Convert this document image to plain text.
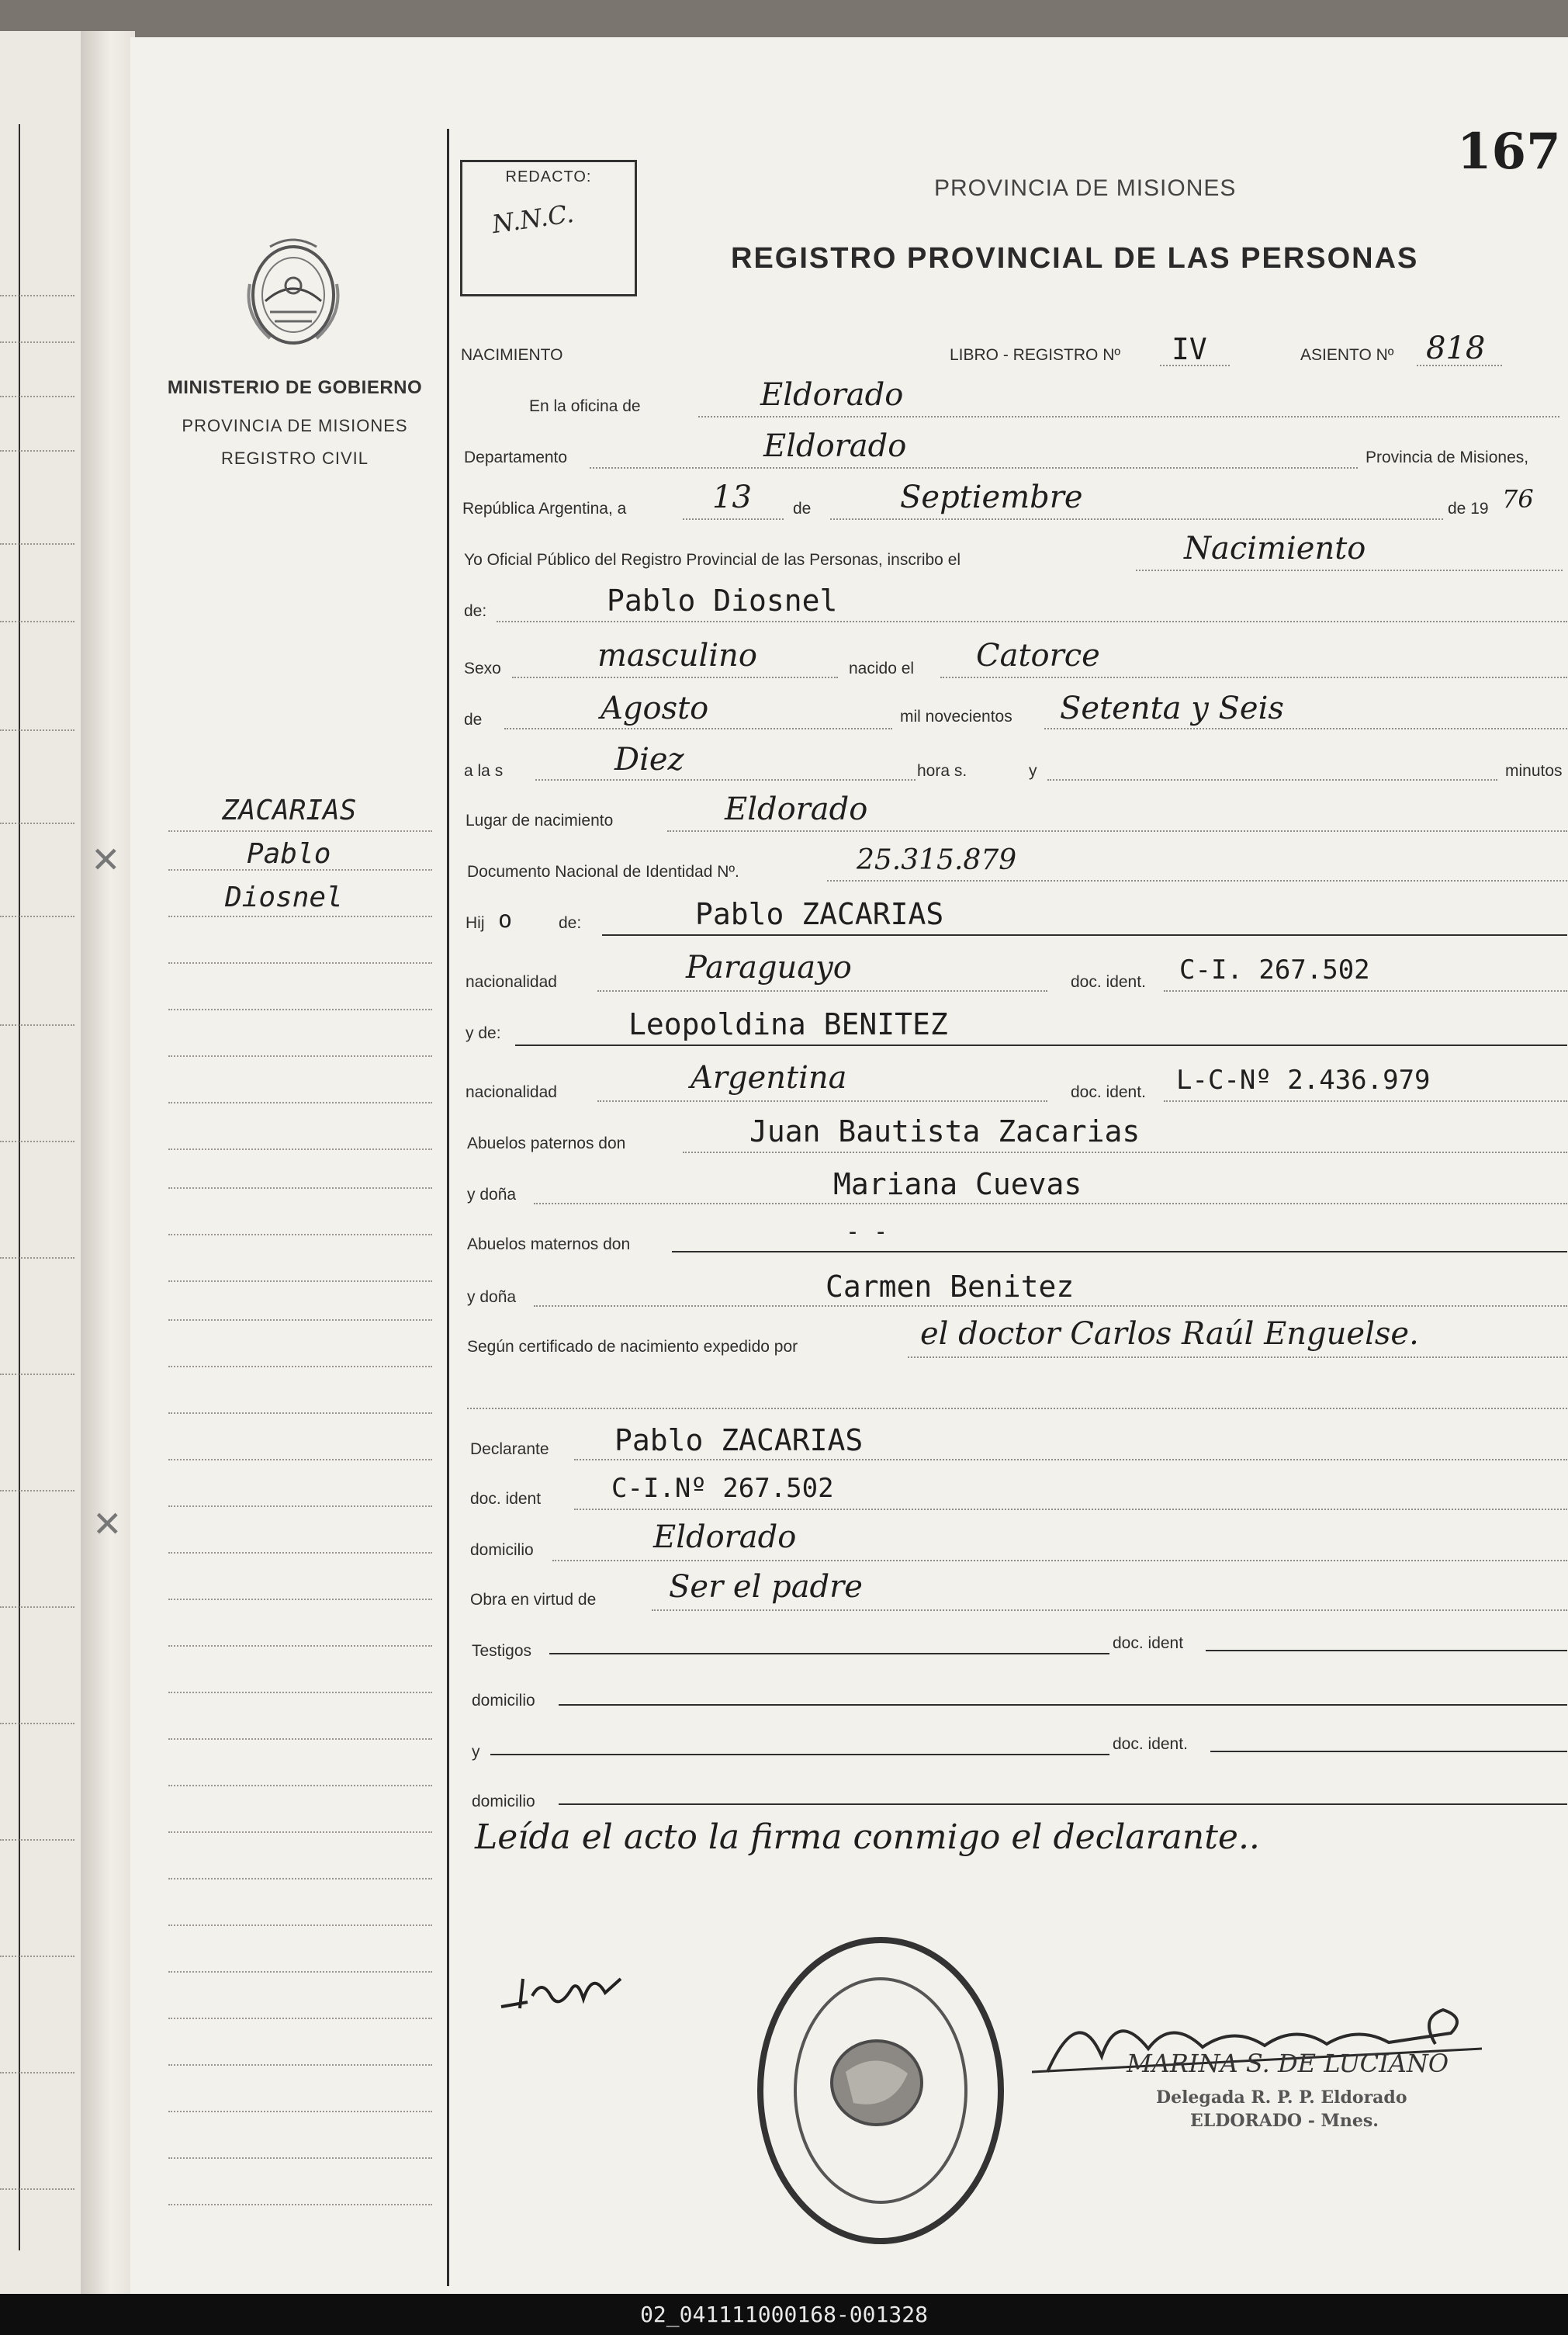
✕
✕
MINISTERIO DE GOBIERNO
PROVINCIA DE MISIONES
REGISTRO CIVIL
ZACARIAS
Pablo
Diosnel
REDACTO:
N.N.C.
PROVINCIA DE MISIONES
REGISTRO PROVINCIAL DE LAS PERSONAS
167
NACIMIENTO	LIBRO - REGISTRO Nº IV	ASIENTO Nº 818
En la oficina de	Eldorado
Departamento	Eldorado	Provincia de Misiones,
República Argentina, a	13	de	Septiembre	de 19 76
Yo Oficial Público del Registro Provincial de las Personas, inscribo el	Nacimiento
de:	Pablo Diosnel
Sexo	masculino	nacido el Catorce
de	Agosto	mil novecientos Setenta y Seis
a la s	Diez	hora s.	y	minutos
Lugar de nacimiento	Eldorado
Documento Nacional de Identidad Nº.	25.315.879
Hij o	de:	Pablo ZACARIAS
nacionalidad	Paraguayo	doc. ident. C-I. 267.502
y de:	Leopoldina BENITEZ
nacionalidad	Argentina	doc. ident. L-C-Nº 2.436.979
Abuelos paternos don	Juan Bautista Zacarias
y doña	Mariana Cuevas
Abuelos maternos don	- -
y doña	Carmen Benitez
Según certificado de nacimiento expedido por	el doctor Carlos Raúl Enguelse.
Declarante Pablo ZACARIAS
doc. ident	C-I.Nº 267.502
domicilio	Eldorado
Obra en virtud de Ser el padre
Testigos	doc. ident
domicilio
y	doc. ident.
domicilio
Leída el acto la firma conmigo el declarante..
MARINA S. DE LUCIANO
Delegada R. P. P. Eldorado
ELDORADO - Mnes.
02_041111000168-001328
